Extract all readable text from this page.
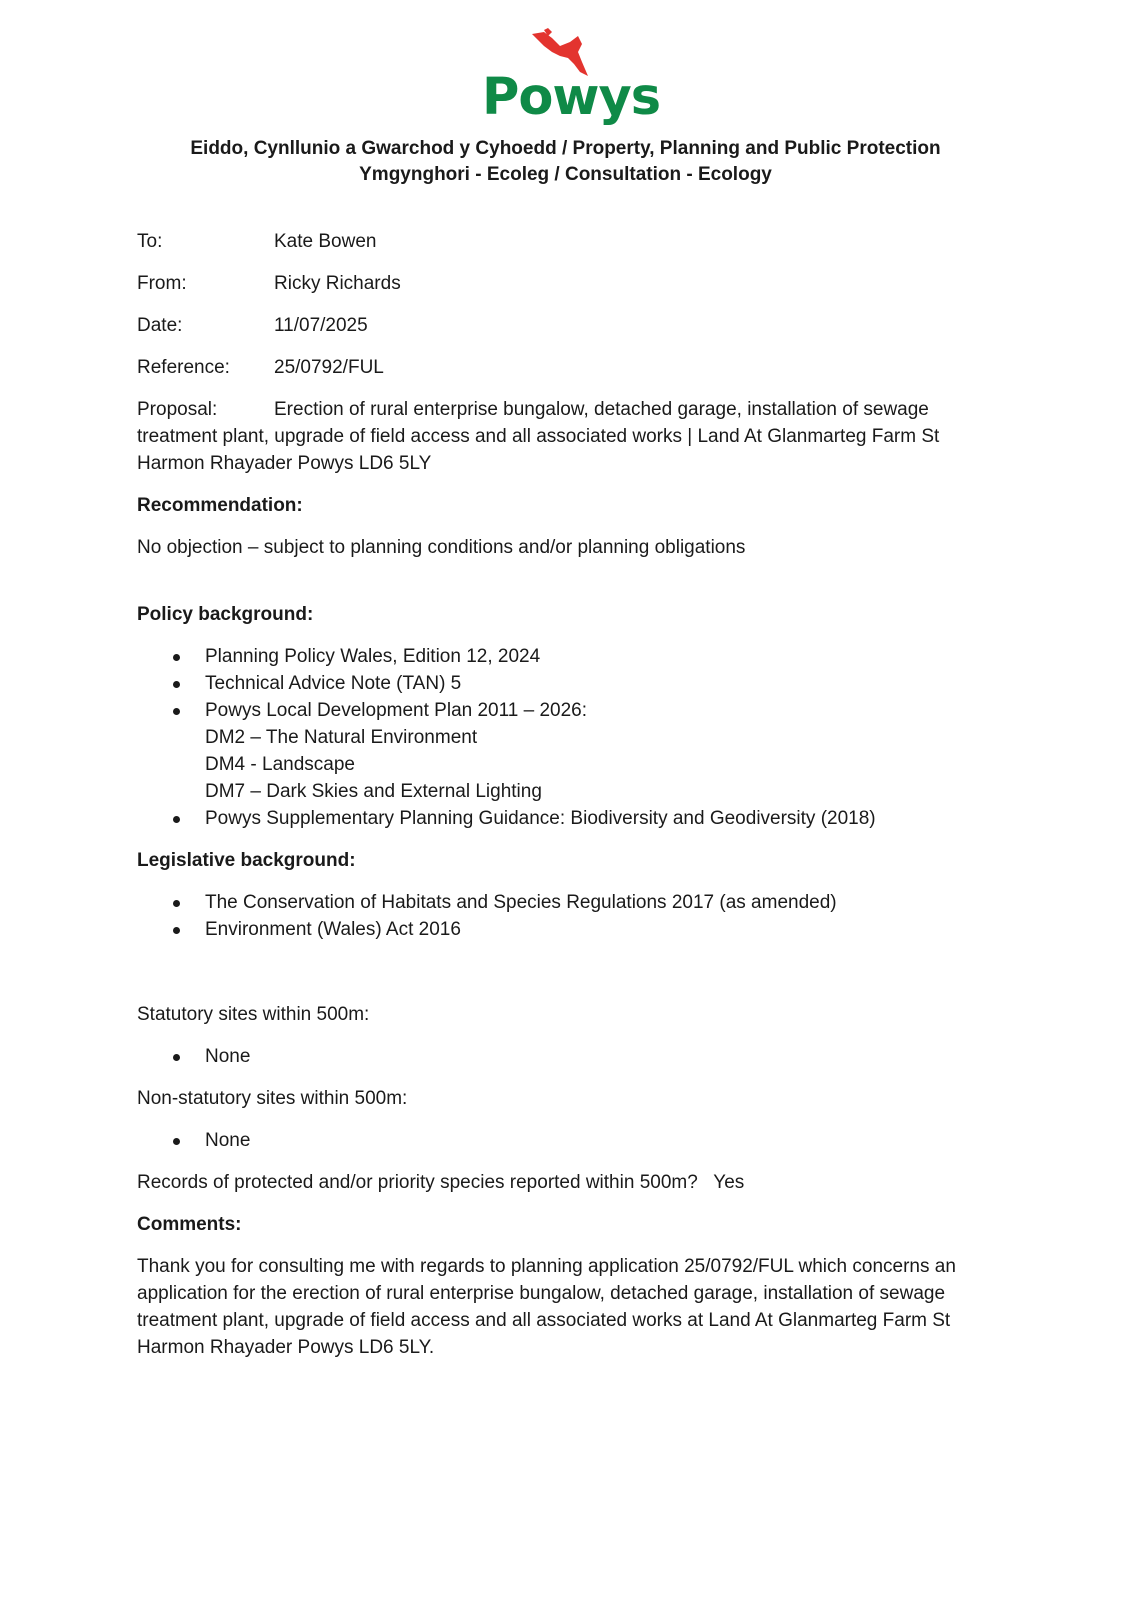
Powys
Eiddo, Cynllunio a Gwarchod y Cyhoedd / Property, Planning and Public Protection
Ymgynghori - Ecoleg / Consultation - Ecology
To:	Kate Bowen
From:	Ricky Richards
Date:	11/07/2025
Reference: 25/0792/FUL
Proposal:	Erection of rural enterprise bungalow, detached garage, installation of sewage treatment plant, upgrade of field access and all associated works | Land At Glanmarteg Farm St Harmon Rhayader Powys LD6 5LY
Recommendation:
No objection – subject to planning conditions and/or planning obligations
Policy background:
Planning Policy Wales, Edition 12, 2024
Technical Advice Note (TAN) 5
Powys Local Development Plan 2011 – 2026:
DM2 – The Natural Environment
DM4 - Landscape
DM7 – Dark Skies and External Lighting
Powys Supplementary Planning Guidance: Biodiversity and Geodiversity (2018)
Legislative background:
The Conservation of Habitats and Species Regulations 2017 (as amended)
Environment (Wales) Act 2016
Statutory sites within 500m:
None
Non-statutory sites within 500m:
None
Records of protected and/or priority species reported within 500m?   Yes
Comments:
Thank you for consulting me with regards to planning application 25/0792/FUL which concerns an application for the erection of rural enterprise bungalow, detached garage, installation of sewage treatment plant, upgrade of field access and all associated works at Land At Glanmarteg Farm St Harmon Rhayader Powys LD6 5LY.
